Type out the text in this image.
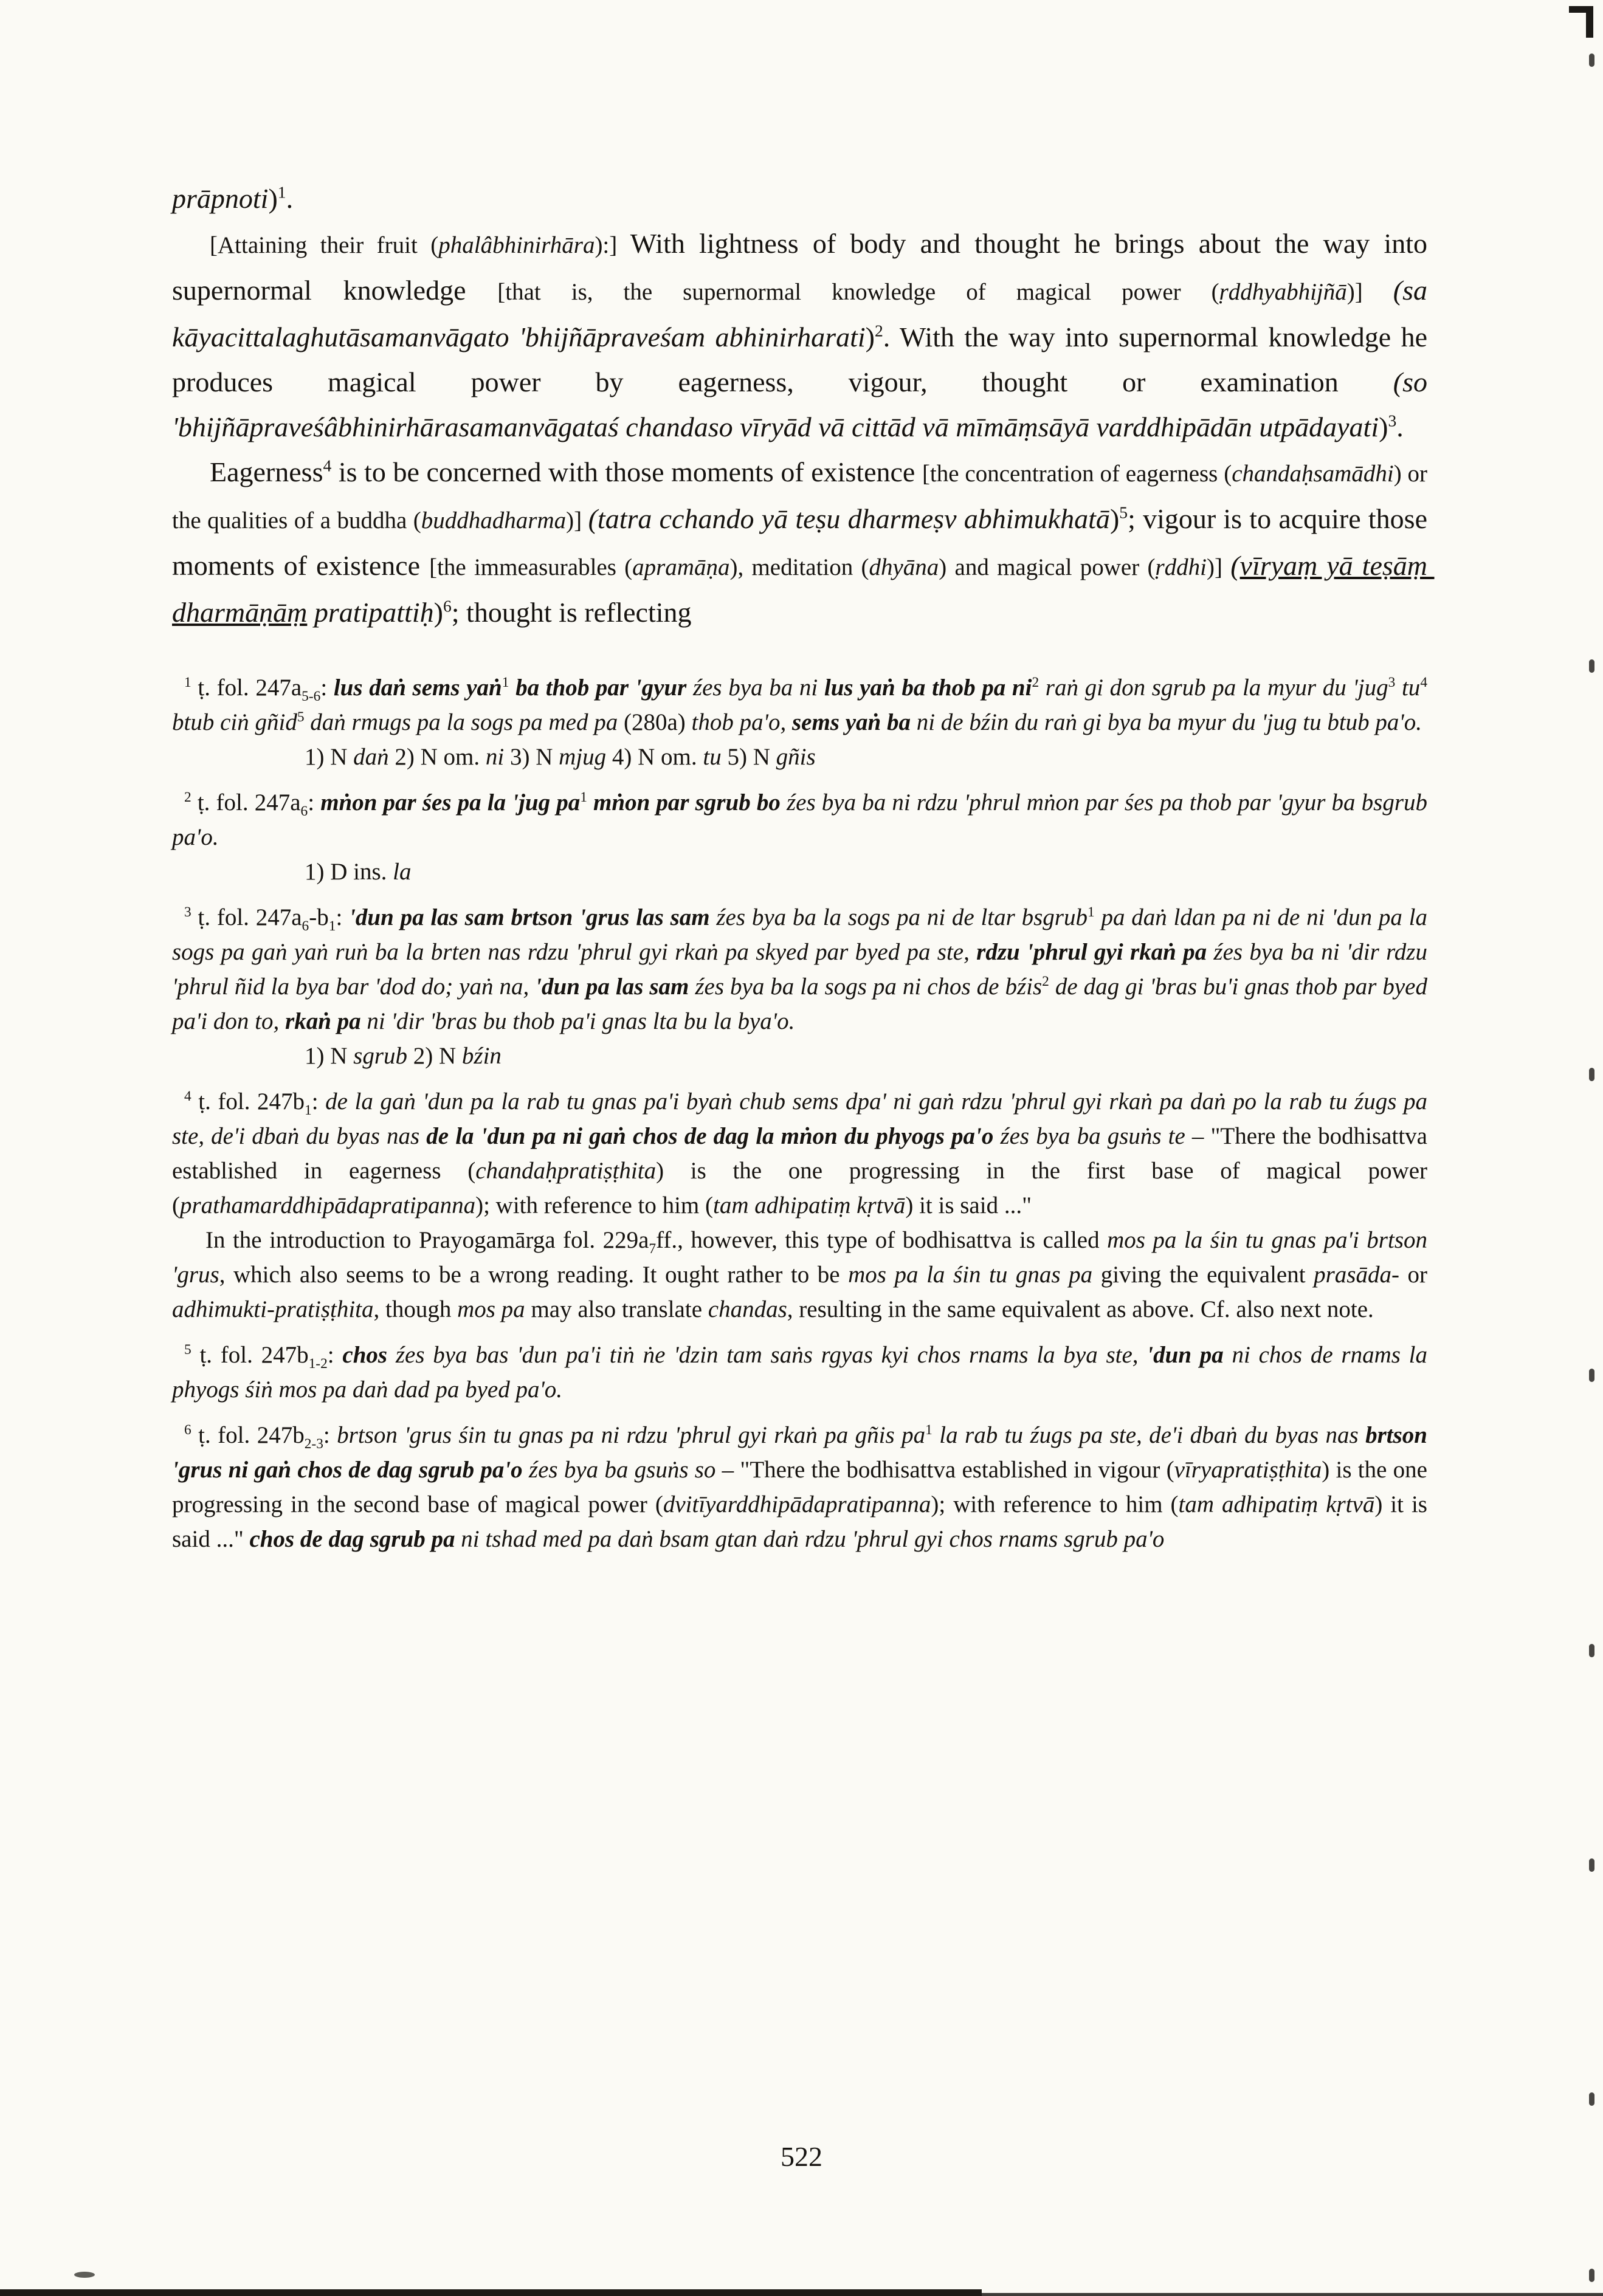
prāpnoti)$^1$.

[Attaining their fruit (phalâbhinirhāra):] With lightness of body and thought he brings about the way into supernormal knowledge [that is, the supernormal knowledge of magical power (ṛddhyabhijñā)] (sa kāyacittalaghutāsamanvāgato 'bhijñāpraveśam abhinirharati)$^2$. With the way into supernormal knowledge he produces magical power by eagerness, vigour, thought or examination (so 'bhijñāpraveśâbhinirhārasamanvāgataś chandaso vīryād vā cittād vā mīmāṃsāyā varddhipādān utpādayati)$^3$.

Eagerness$^4$ is to be concerned with those moments of existence [the concentration of eagerness (chandaḥsamādhi) or the qualities of a buddha (buddhadharma)] (tatra cchando yā teṣu dharmeṣv abhimukhatā)$^5$; vigour is to acquire those moments of existence [the immeasurables (apramāṇa), meditation (dhyāna) and magical power (ṛddhi)] (vīryaṃ yā teṣāṃ dharmāṇāṃ pratipattiḥ)$^6$; thought is reflecting

$^1$ ṭ. fol. $247a_{5-6}$: lus daṅ sems yaṅ$^1$ ba thob par 'gyur źes bya ba ni lus yaṅ ba thob pa $ni^2$ raṅ gi don sgrub pa la myur du 'jug$^3$ $tu^4$ btub ciṅ gñid$^5$ daṅ rmugs pa la sogs pa med pa (280a) thob pa'o, sems yaṅ ba ni de bźin du raṅ gi bya ba myur du 'jug tu btub pa'o.

1) N daṅ 2) N om. ni 3) N mjug 4) N om. tu 5) N gñis

$^2$ ṭ. fol. $247a_6$: mṅon par śes pa la 'jug $pa^1$ mṅon par sgrub bo źes bya ba ni rdzu 'phrul mṅon par śes pa thob par 'gyur ba bsgrub pa'o.

1) D ins. la

$^3$ ṭ. fol. $247a_6-b_1$: 'dun pa las sam brtson 'grus las sam źes bya ba la sogs pa ni de ltar bsgrub$^1$ pa daṅ ldan pa ni de ni 'dun pa la sogs pa gaṅ yaṅ ruṅ ba la brten nas rdzu 'phrul gyi rkaṅ pa skyed par byed pa ste, rdzu 'phrul gyi rkaṅ pa źes bya ba ni 'dir rdzu 'phrul ñid la bya bar 'dod do; yaṅ na, 'dun pa las sam źes bya ba la sogs pa ni chos de bźis$^2$ de dag gi 'bras bu'i gnas thob par byed pa'i don to, rkaṅ pa ni 'dir 'bras bu thob pa'i gnas lta bu la bya'o.

1) N sgrub 2) N bźin

$^4$ ṭ. fol. $247b_1$: de la gaṅ 'dun pa la rab tu gnas pa'i byaṅ chub sems dpa' ni gaṅ rdzu 'phrul gyi rkaṅ pa daṅ po la rab tu źugs pa ste, de'i dbaṅ du byas nas de la 'dun pa ni gaṅ chos de dag la mṅon du phyogs pa'o źes bya ba gsuṅs te – "There the bodhisattva established in eagerness (chandaḥpratiṣṭhita) is the one progressing in the first base of magical power (prathamarddhipādapratipanna); with reference to him (tam adhipatiṃ kṛtvā) it is said ..."

In the introduction to Prayogamārga fol. $229a_7ff$., however, this type of bodhisattva is called mos pa la śin tu gnas pa'i brtson 'grus, which also seems to be a wrong reading. It ought rather to be mos pa la śin tu gnas pa giving the equivalent prasāda- or adhimukti-pratiṣṭhita, though mos pa may also translate chandas, resulting in the same equivalent as above. Cf. also next note.

$^5$ ṭ. fol. $247b_{1-2}$: chos źes bya bas 'dun pa'i tiṅ ṅe 'dzin tam saṅs rgyas kyi chos rnams la bya ste, 'dun pa ni chos de rnams la phyogs śiṅ mos pa daṅ dad pa byed pa'o.

$^6$ ṭ. fol. $247b_{2-3}$: brtson 'grus śin tu gnas pa ni rdzu 'phrul gyi rkaṅ pa gñis $pa^1$ la rab tu źugs pa ste, de'i dbaṅ du byas nas brtson 'grus ni gaṅ chos de dag sgrub pa'o źes bya ba gsuṅs so – "There the bodhisattva established in vigour (vīryapratiṣṭhita) is the one progressing in the second base of magical power (dvitīyarddhipādapratipanna); with reference to him (tam adhipatiṃ kṛtvā) it is said ..." chos de dag sgrub pa ni tshad med pa daṅ bsam gtan daṅ rdzu 'phrul gyi chos rnams sgrub pa'o

522
